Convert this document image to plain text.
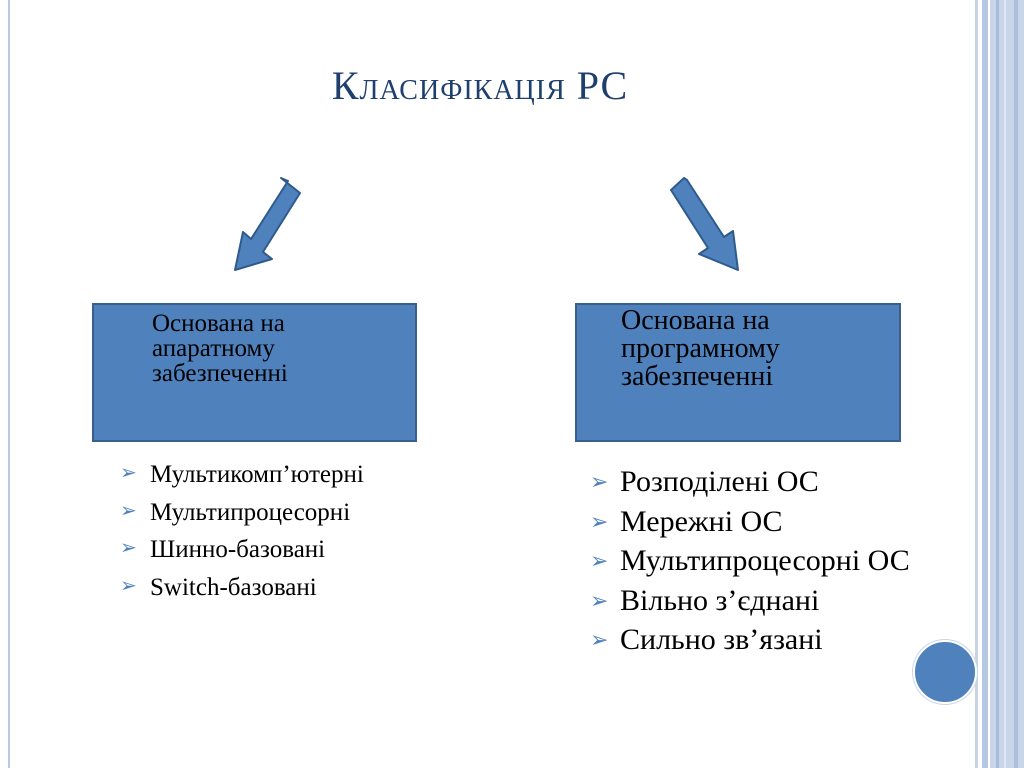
Класифікація РС
Основана на
апаратному
забезпеченні
Основана на
програмному
забезпеченні
➢ Мультикомп’ютерні
➢ Мультипроцесорні
➢ Шинно-базовані
➢ Switch-базовані
➢ Розподілені ОС
➢ Мережні ОС
➢ Мультипроцесорні ОС
➢ Вільно з’єднані
➢ Сильно зв’язані
